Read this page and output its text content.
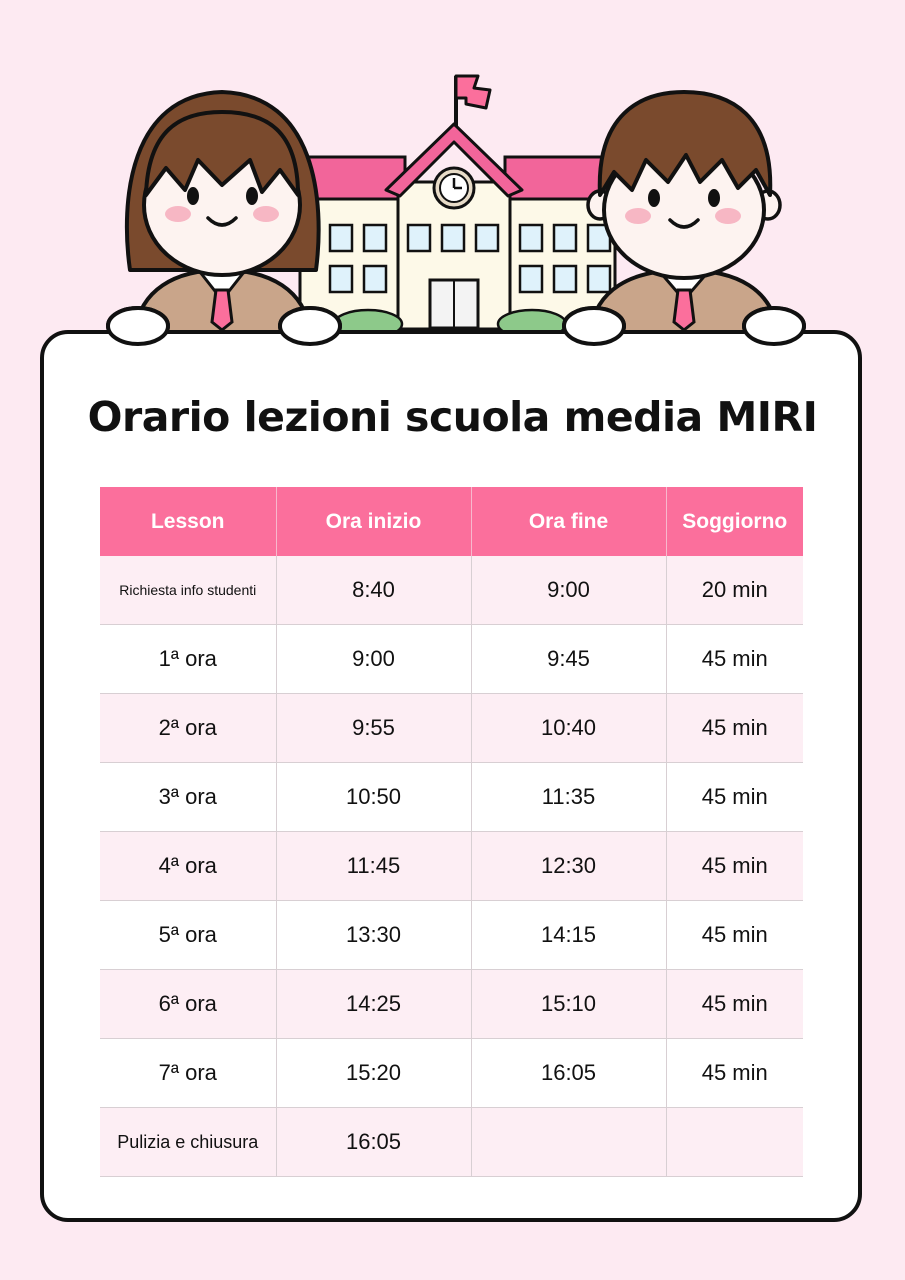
Orario lezioni scuola media MIRI
Lesson	Ora inizio	Ora fine	Soggiorno
Richiesta info studenti	8:40	9:00	20 min
1ª ora	9:00	9:45	45 min
2ª ora	9:55	10:40	45 min
3ª ora	10:50	11:35	45 min
4ª ora	11:45	12:30	45 min
5ª ora	13:30	14:15	45 min
6ª ora	14:25	15:10	45 min
7ª ora	15:20	16:05	45 min
Pulizia e chiusura	16:05		
